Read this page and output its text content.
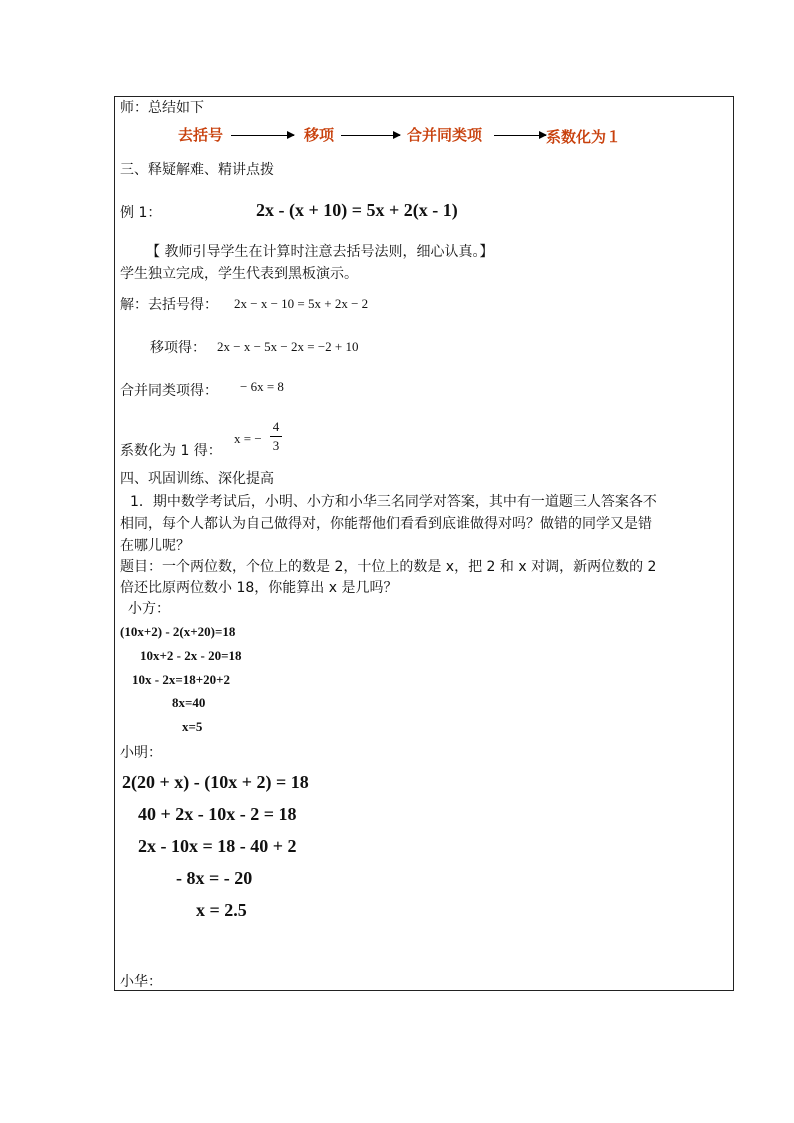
师：总结如下
去括号	移项	合并同类项	系数化为１
三、释疑解难、精讲点拨
例 1：	2x - (x + 10) = 5x + 2(x - 1)
【 教师引导学生在计算时注意去括号法则，细心认真。】
学生独立完成，学生代表到黑板演示。
解：去括号得： 2x − x − 10 = 5x + 2x − 2
移项得： 2x − x − 5x − 2x = −2 + 10
合并同类项得： − 6x = 8
x = −
4
3
系数化为 1 得：
四、巩固训练、深化提高
1．期中数学考试后，小明、小方和小华三名同学对答案，其中有一道题三人答案各不
相同，每个人都认为自己做得对，你能帮他们看看到底谁做得对吗？做错的同学又是错
在哪儿呢？
题目：一个两位数，个位上的数是 2，十位上的数是 x，把 2 和 x 对调，新两位数的 2
倍还比原两位数小 18，你能算出 x 是几吗？
小方：
(10x+2) - 2(x+20)=18
10x+2 - 2x - 20=18
10x - 2x=18+20+2
8x=40
x=5
小明：
2(20 + x) - (10x + 2) = 18
40 + 2x - 10x - 2 = 18
2x - 10x = 18 - 40 + 2
- 8x = - 20
x = 2.5
小华：
